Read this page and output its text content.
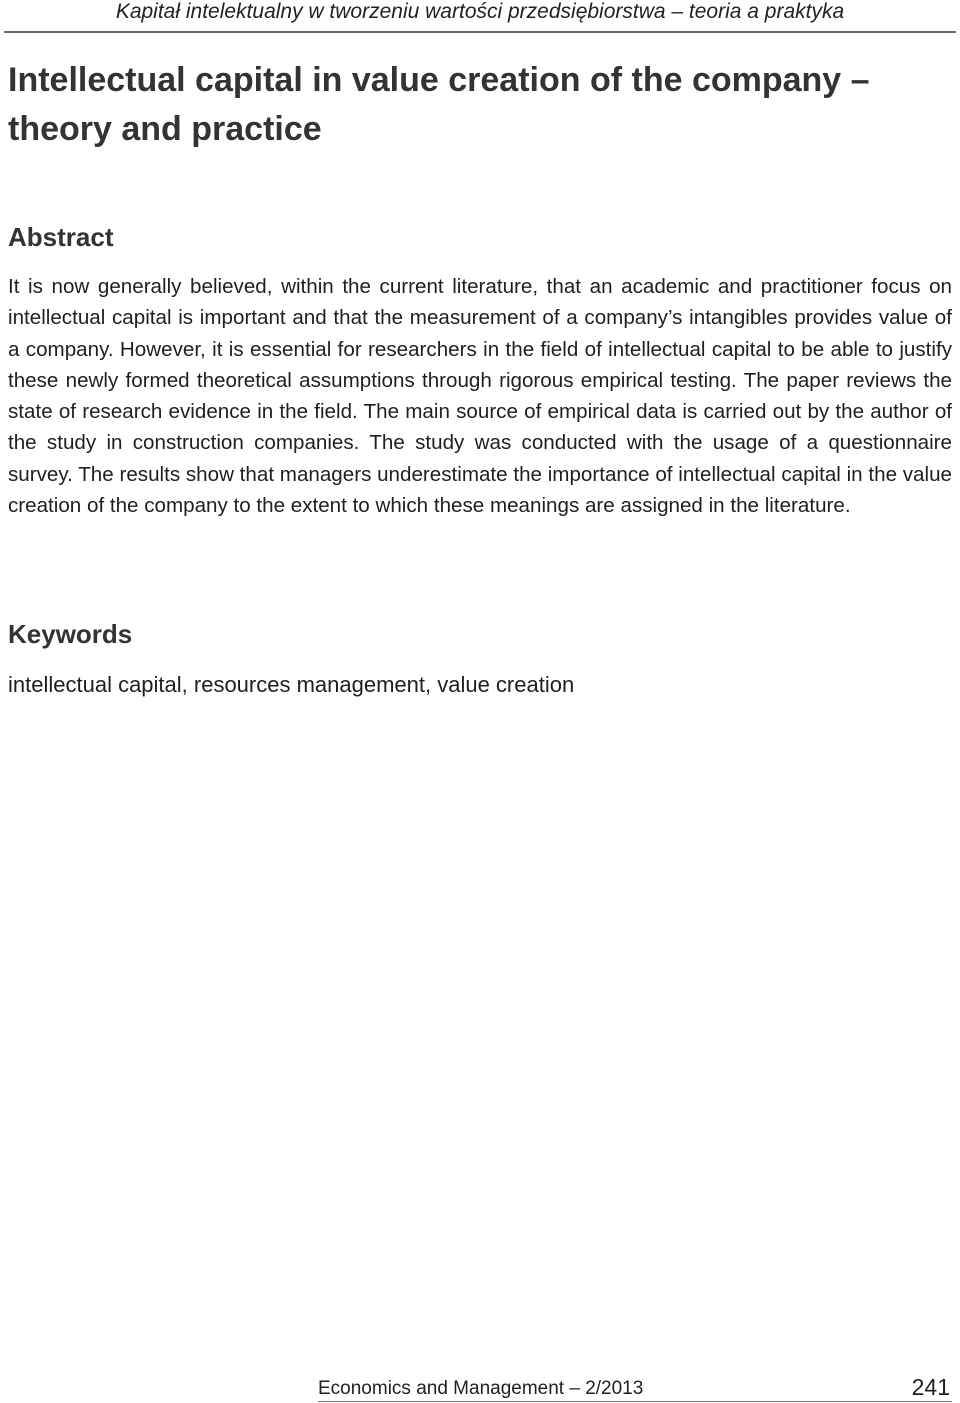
Kapitał intelektualny w tworzeniu wartości przedsiębiorstwa – teoria a praktyka
Intellectual capital in value creation of the company – theory and practice
Abstract

It is now generally believed, within the current literature, that an academic and practitioner focus on intellectual capital is important and that the measurement of a company’s intangibles provides value of a company. However, it is essential for researchers in the field of intellectual capital to be able to justify these newly formed theoretical assumptions through rigorous empirical testing. The paper reviews the state of research evidence in the field. The main source of empirical data is carried out by the author of the study in construction companies. The study was conducted with the usage of a questionnaire survey. The results show that managers underestimate the importance of intellectual capital in the value creation of the company to the extent to which these meanings are assigned in the literature.

Keywords

intellectual capital, resources management, value creation

Economics and Management – 2/2013	241
